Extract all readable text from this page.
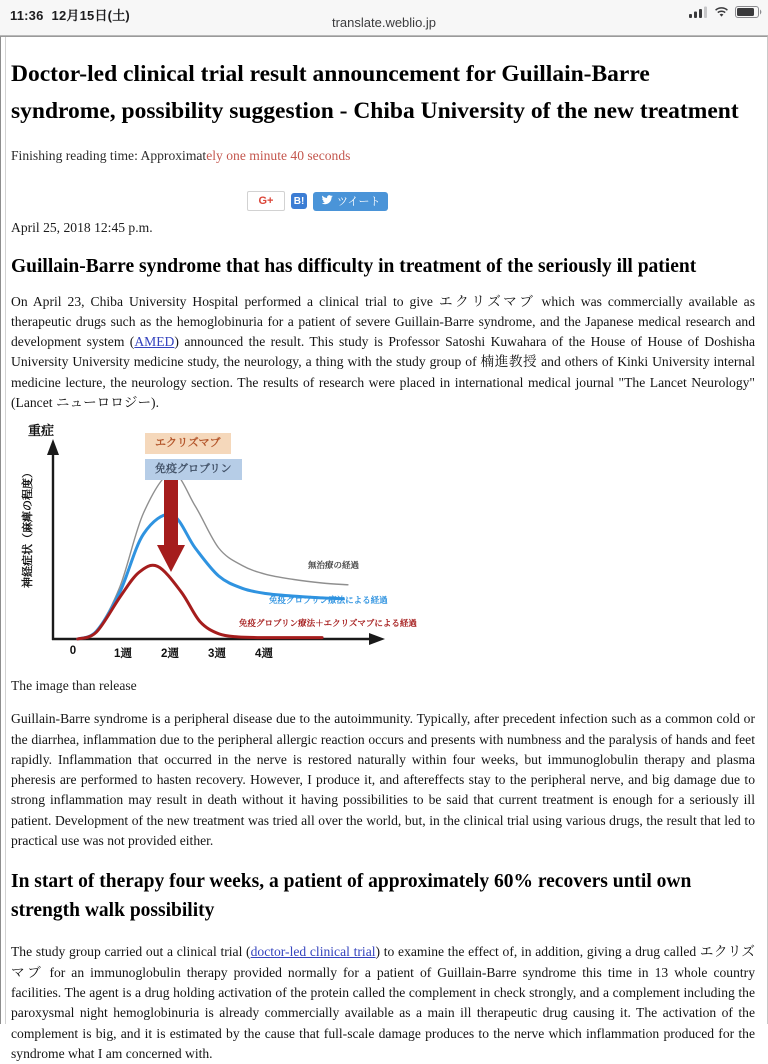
11:36 12月15日(土)	translate.weblio.jp
Doctor-led clinical trial result announcement for Guillain-Barre syndrome, possibility suggestion - Chiba University of the new treatment

Finishing reading time: Approximately one minute 40 seconds

G+	B!	ツイート

April 25, 2018 12:45 p.m.

Guillain-Barre syndrome that has difficulty in treatment of the seriously ill patient

On April 23, Chiba University Hospital performed a clinical trial to give エクリズマブ which was commercially available as therapeutic drugs such as the hemoglobinuria for a patient of severe Guillain-Barre syndrome, and the Japanese medical research and development system (AMED) announced the result. This study is Professor Satoshi Kuwahara of the House of House of Doshisha University University medicine study, the neurology, a thing with the study group of 楠進教授 and others of Kinki University internal medicine lecture, the neurology section. The results of research were placed in international medical journal "The Lancet Neurology" (Lancet ニューロロジー).

重症
神経症状（麻痺の程度）
エクリズマブ
免疫グロブリン
無治療の経過
免疫グロブリン療法による経過
免疫グロブリン療法＋エクリズマブによる経過
0	1週	2週	3週	4週

The image than release

Guillain-Barre syndrome is a peripheral disease due to the autoimmunity. Typically, after precedent infection such as a common cold or the diarrhea, inflammation due to the peripheral allergic reaction occurs and presents with numbness and the paralysis of hands and feet rapidly. Inflammation that occurred in the nerve is restored naturally within four weeks, but immunoglobulin therapy and plasma pheresis are performed to hasten recovery. However, I produce it, and aftereffects stay to the peripheral nerve, and big damage due to strong inflammation may result in death without it having possibilities to be said that current treatment is enough for a seriously ill patient. Development of the new treatment was tried all over the world, but, in the clinical trial using various drugs, the result that led to practical use was not provided either.

In start of therapy four weeks, a patient of approximately 60% recovers until own strength walk possibility

The study group carried out a clinical trial (doctor-led clinical trial) to examine the effect of, in addition, giving a drug called エクリズマブ for an immunoglobulin therapy provided normally for a patient of Guillain-Barre syndrome this time in 13 whole country facilities. The agent is a drug holding activation of the protein called the complement in check strongly, and a complement including the paroxysmal night hemoglobinuria is already commercially available as a main ill therapeutic drug causing it. The activation of the complement is big, and it is estimated by the cause that full-scale damage produces to the nerve which inflammation produced for the syndrome what I am concerned with.
